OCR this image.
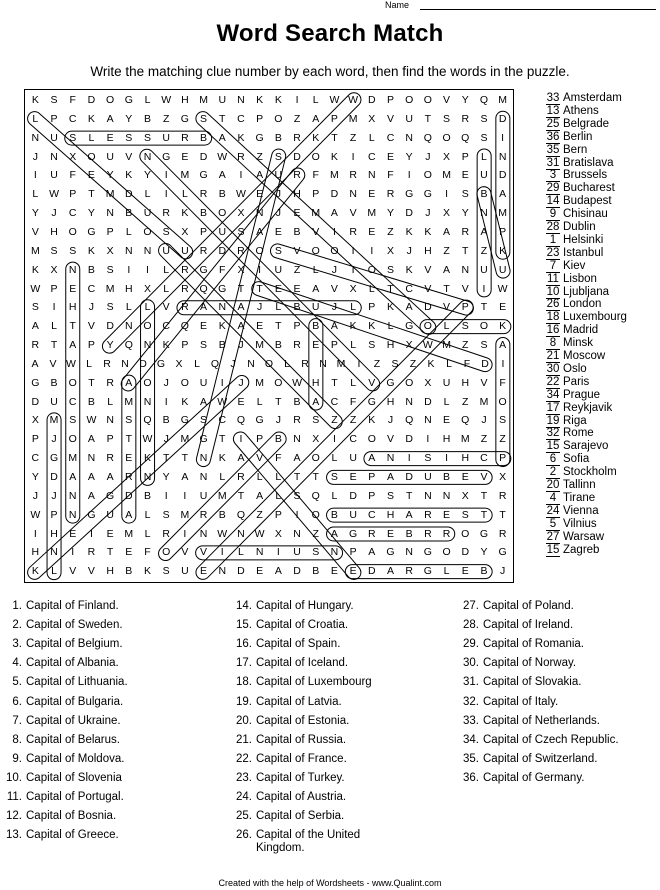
Name
Word Search Match
Write the matching clue number by each word, then find the words in the puzzle.
K	S	F	D	O	G	L	W H	M	U	N	K	K	I	L	W W D	P	O	O	V	Y	Q M
L	P	C	K	A	Y	B	Z	G	S	T	C	P	O	Z	A	P	M	X	V	U	T	S	R	S	D
N	U	S	L	E	S	S	U	R	B	A	K	G	B	R	K	T	Z	L	C	N	Q	O	Q	S	I
J	N	X	O	U	V	N	G	E	D W R	Z	S	D	O	K	I	C	E	Y	J	X	P	L	N
I	U	F	E	Y	K	Y	I	M G	A	I	A	U	R	F	M	R	N	F	I	O M	E	U	D
L	W P	T	M	D	L	I	L	R	B W E	J	H	P	D	N	E	R	G	G	I	S	B	A
Y	J	C	Y	N	B	U	R	K	B	O	X	N	J	E	M	A	V	M	Y	D	J	X	Y	N	M
V	H	O	G	P	L	O	S	X	P	U	S	A	E	B	V	I	R	E	Z	K	K	A	R	A	P
M	S	S	K	X	N	N	U	U	R	D	R	O	S	V	O	O	I	I	X	J	H	Z	T	Z	K
K	X	N	B	S	I	I	L	R	G	F	X	I	U	Z	L	J	I	O	S	K	V	A	N	U	U
W P	E	C	M	H	X	L	R	Q	G	T	T	E	E	A	V	X	L	T	C	V	T	V	I	W
S	I	H	J	S	L	L	V	R	A	N	A	J	L	B	U	J	L	P	K	A	D	V	P	T	E
A	L	T	V	D	N	O	C	Q	E	K	A	E	T	P	B	A	K	K	L	G	O	L	S	O	K
R	T	A	P	Y	Q	N	K	P	S	B	J	M	B	R	E	P	L	S	H	X W M	Z	S	A
A	V W L	R N D G X	L	Q	J	N O	L	R N M	I	Z	S	Z	K	L	F	D	I
G	B	O	T	R	A	O	J	O	U	I	J	M O W H	T	L	V	G	O	X	U	H	V	F
D	U	C	B	L	M	N	I	K	A W E	L	T	B	A	C	F	G	H	N	D	L	Z	M O
X	M	S W N	S	Q	B	G	S	C	Q	G	J	R	S	Z	Z	K	J	Q	N	E	Q	J	S
P	J	O	A	P	T	W	J	M G	T	I	P	B	N	X	I	C	O	V	D	I	H	M	Z	Z
C	G M	N	R	E	K	T	T	N	K	A	V	F	A	O	L	U	A	N	I	S	I	H	C	P
Y	D	A	A	A	R	N	Y	A	N	L	R	L	L	T	T	S	E	P	A	D	U	B	E	V	X
J	J	N	A	G	D	B	I	I	U	M	T	A	L	S	Q	L	D	P	S	T	N	N	X	T	R
W P	N	G	U	A	L	S	M	R	B	Q	Z	P	I	O	B	U	C	H	A	R	E	S	T	T
I	H	E	I	E	M	L	R	I	N W N W X	N	Z	A	G	R	E	B	R	R	O	G	R
H	N	I	R	T	E	F	O	V	V	I	L	N	I	U	S	N	P	A	G	N	G	O	D	Y	G
K	L	V	V	H	B	K	S	U	E	N	D	E	A	D	B	E	E	D	A	R	G	L	E	B	J
33 Amsterdam
13 Athens
25 Belgrade
36 Berlin
35 Bern
31 Bratislava
3 Brussels
29 Bucharest
14 Budapest
9 Chisinau
28 Dublin
1 Helsinki
23 Istanbul
7 Kiev
11 Lisbon
10 Ljubljana
26 London
18 Luxembourg
16 Madrid
8 Minsk
21 Moscow
30 Oslo
22 Paris
34 Prague
17 Reykjavik
19 Riga
32 Rome
15 Sarajevo
6 Sofia
2 Stockholm
20 Tallinn
4 Tirane
24 Vienna
5 Vilnius
27 Warsaw
15 Zagreb
1. Capital of Finland.
2. Capital of Sweden.
3. Capital of Belgium.
4. Capital of Albania.
5. Capital of Lithuania.
6. Capital of Bulgaria.
7. Capital of Ukraine.
8. Capital of Belarus.
9. Capital of Moldova.
10. Capital of Slovenia
11. Capital of Portugal.
12. Capital of Bosnia.
13. Capital of Greece.
14. Capital of Hungary.
15. Capital of Croatia.
16. Capital of Spain.
17. Capital of Iceland.
18. Capital of Luxembourg
19. Capital of Latvia.
20. Capital of Estonia.
21. Capital of Russia.
22. Capital of France.
23. Capital of Turkey.
24. Capital of Austria.
25. Capital of Serbia.
26. Capital of the United Kingdom.
27. Capital of Poland.
28. Capital of Ireland.
29. Capital of Romania.
30. Capital of Norway.
31. Capital of Slovakia.
32. Capital of Italy.
33. Capital of Netherlands.
34. Capital of Czech Republic.
35. Capital of Switzerland.
36. Capital of Germany.
Created with the help of Wordsheets - www.Qualint.com
